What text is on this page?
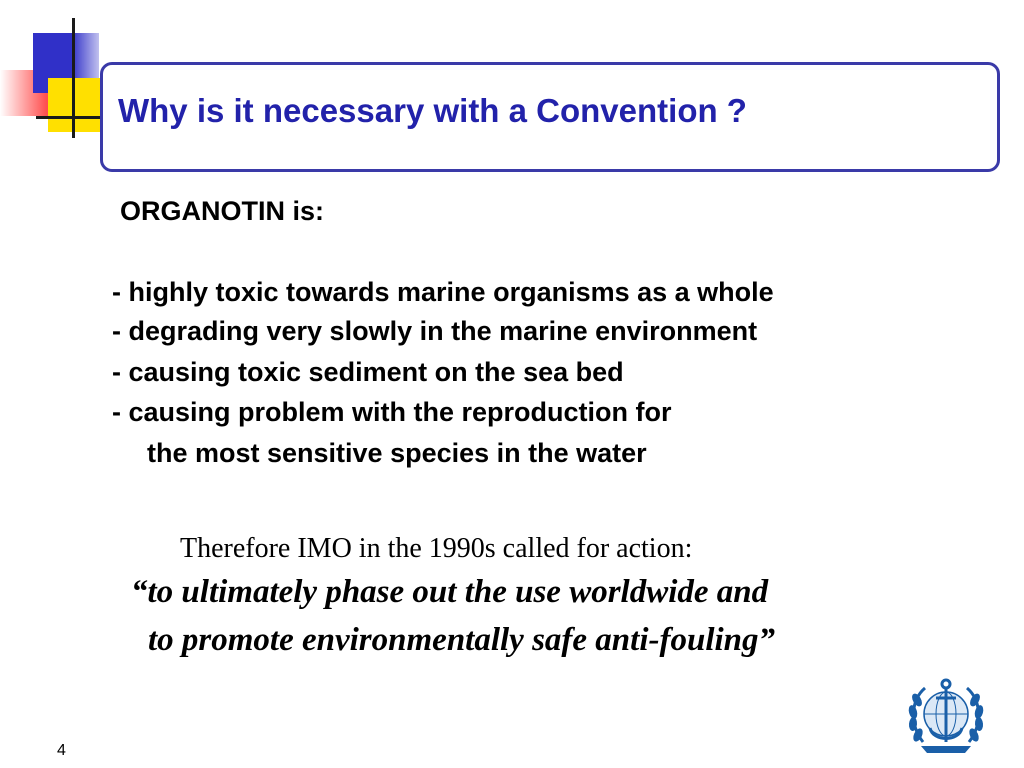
Why is it necessary with a Convention ?
ORGANOTIN is:
- highly toxic towards marine organisms as a whole
- degrading very slowly in the marine environment
- causing toxic sediment on the sea bed
- causing problem with the reproduction for
the most sensitive species in the water
Therefore IMO in the 1990s called for action:
“to ultimately phase out the use worldwide and
to promote environmentally safe anti-fouling”
4
